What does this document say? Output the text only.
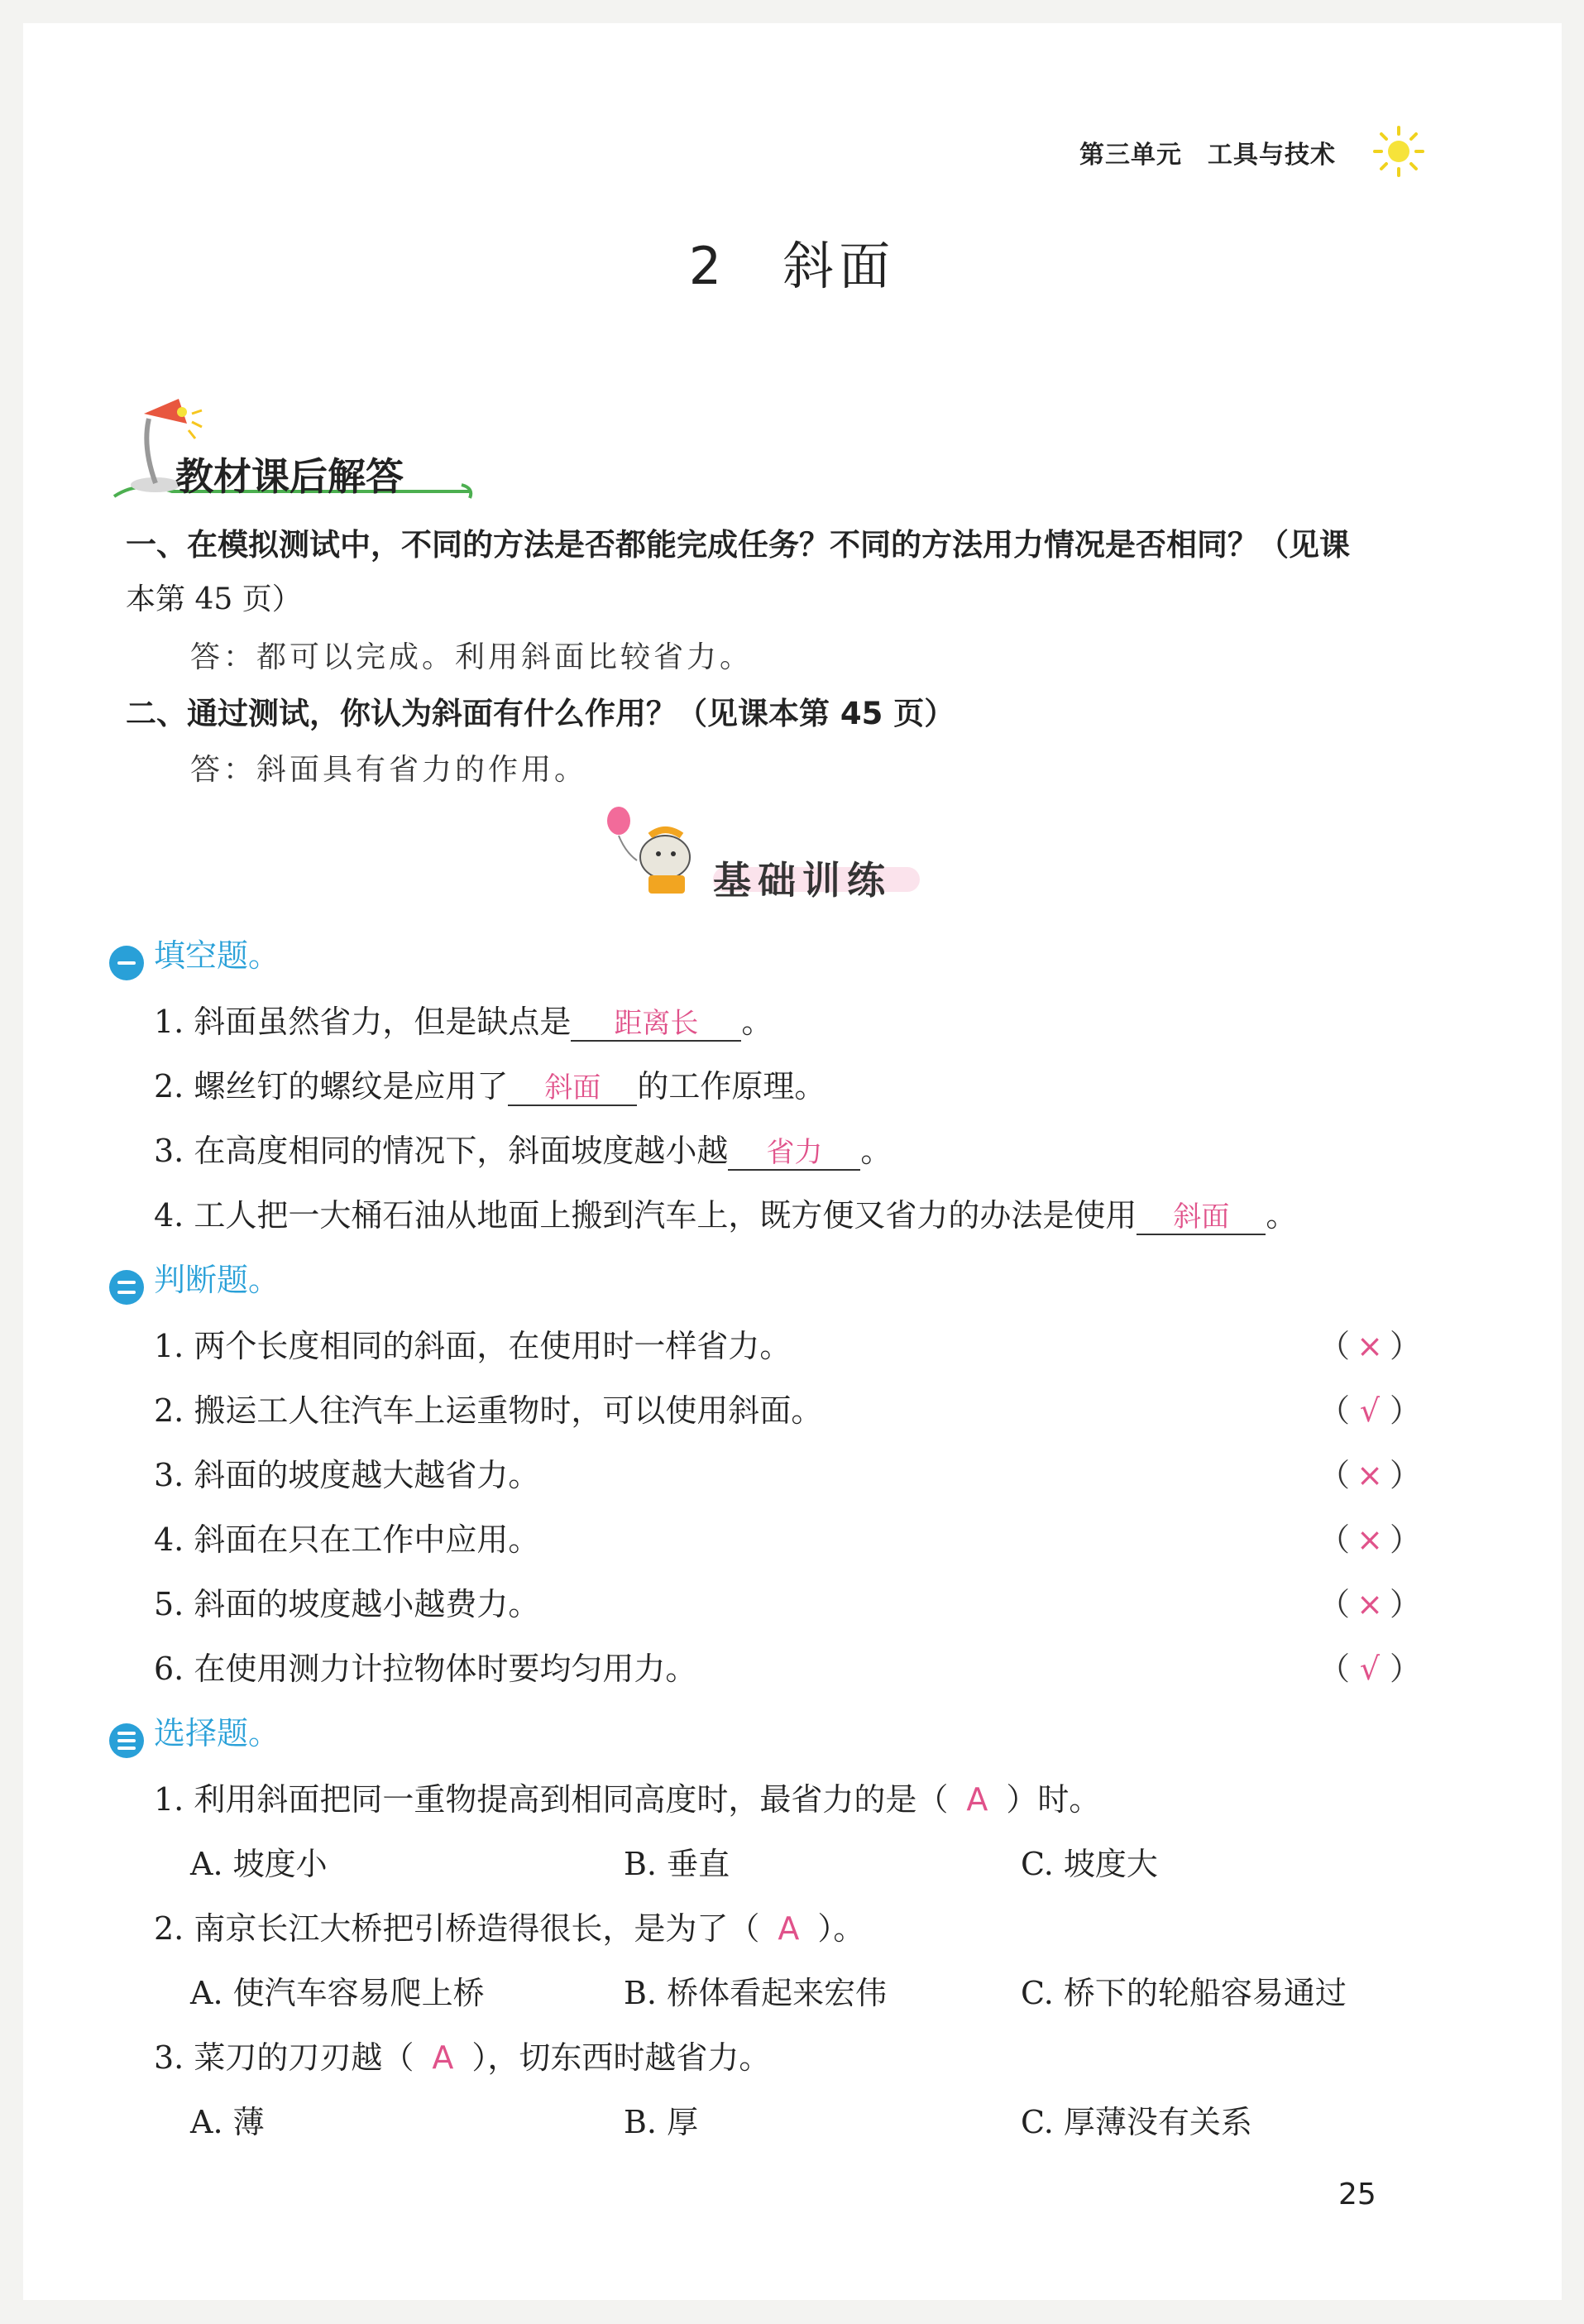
第三单元　工具与技术
2　斜面
教材课后解答
一、在模拟测试中，不同的方法是否都能完成任务？不同的方法用力情况是否相同？（见课
本第 45 页）
答：都可以完成。利用斜面比较省力。
二、通过测试，你认为斜面有什么作用？（见课本第 45 页）
答：斜面具有省力的作用。
基础训练
填空题。
1. 斜面虽然省力，但是缺点是 距离长 。
2. 螺丝钉的螺纹是应用了 斜面 的工作原理。
3. 在高度相同的情况下，斜面坡度越小越 省力 。
4. 工人把一大桶石油从地面上搬到汽车上，既方便又省力的办法是使用 斜面 。
判断题。
1. 两个长度相同的斜面，在使用时一样省力。	（ × ）
2. 搬运工人往汽车上运重物时，可以使用斜面。	（ √ ）
3. 斜面的坡度越大越省力。	（ × ）
4. 斜面在只在工作中应用。	（ × ）
5. 斜面的坡度越小越费力。	（ × ）
6. 在使用测力计拉物体时要均匀用力。	（ √ ）
选择题。
1. 利用斜面把同一重物提高到相同高度时，最省力的是（ A ）时。
A. 坡度小	B. 垂直	C. 坡度大
2. 南京长江大桥把引桥造得很长，是为了（ A ）。
A. 使汽车容易爬上桥	B. 桥体看起来宏伟	C. 桥下的轮船容易通过
3. 菜刀的刀刃越（ A ），切东西时越省力。
A. 薄	B. 厚	C. 厚薄没有关系
25
